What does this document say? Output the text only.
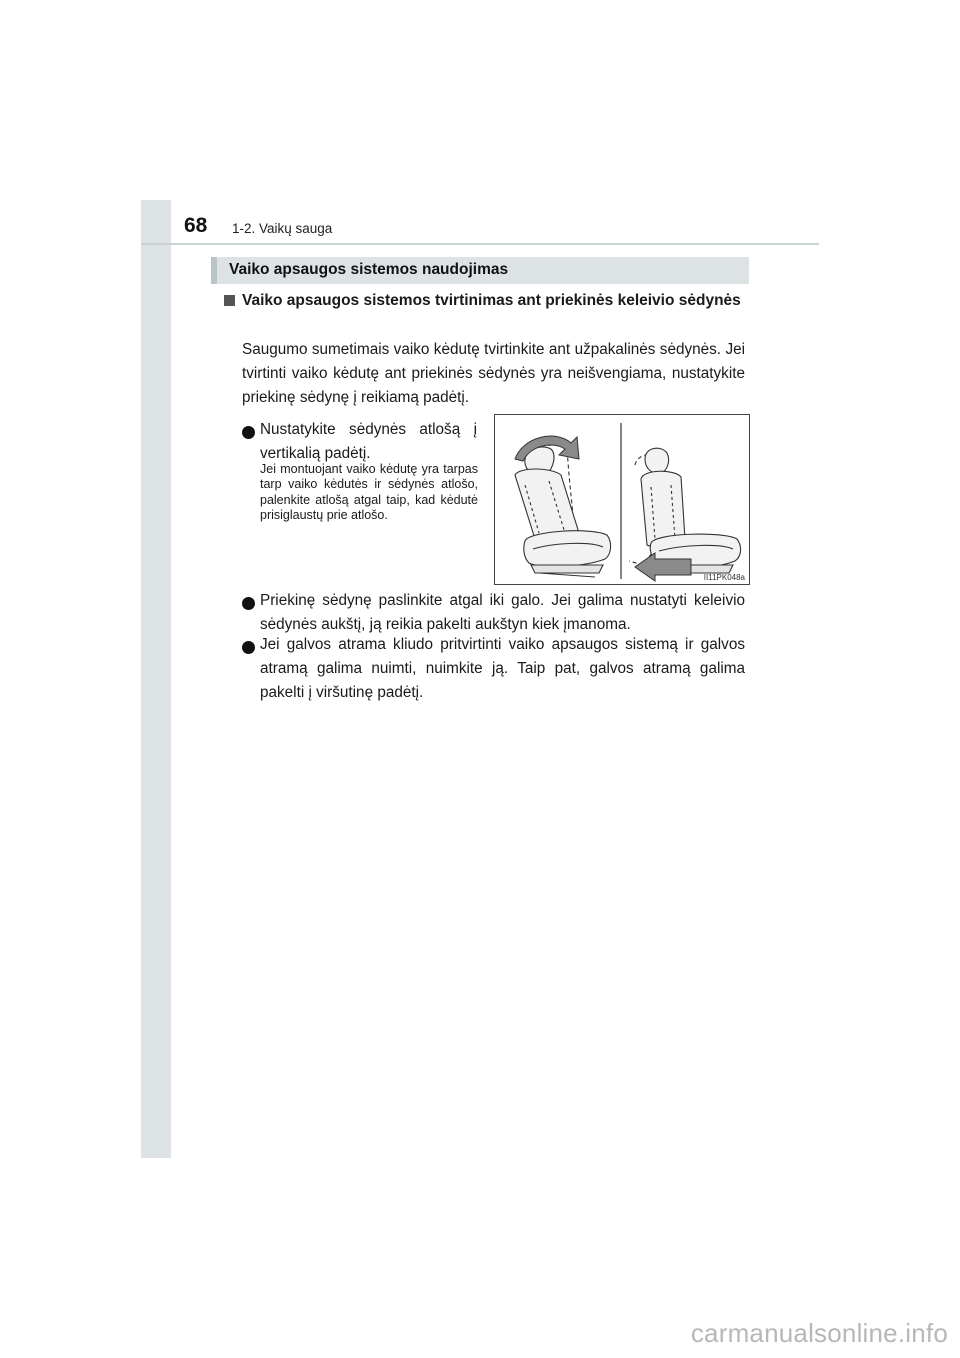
68 1-2. Vaikų sauga
Vaiko apsaugos sistemos naudojimas
Vaiko apsaugos sistemos tvirtinimas ant priekinės keleivio sėdynės
Saugumo sumetimais vaiko kėdutę tvirtinkite ant užpakalinės sėdynės. Jei tvirtinti vaiko kėdutę ant priekinės sėdynės yra neišvengiama, nustatykite priekinę sėdynę į reikiamą padėtį.
Nustatykite sėdynės atlošą į vertikalią padėtį.
Jei montuojant vaiko kėdutę yra tarpas tarp vaiko kėdutės ir sėdynės atlošo, palenkite atlošą atgal taip, kad kėdutė prisiglaustų prie atlošo.
II11PK048a
Priekinę sėdynę paslinkite atgal iki galo. Jei galima nustatyti keleivio sėdynės aukštį, ją reikia pakelti aukštyn kiek įmanoma.
Jei galvos atrama kliudo pritvirtinti vaiko apsaugos sistemą ir galvos atramą galima nuimti, nuimkite ją. Taip pat, galvos atramą galima pakelti į viršutinę padėtį.
carmanualsonline.info
